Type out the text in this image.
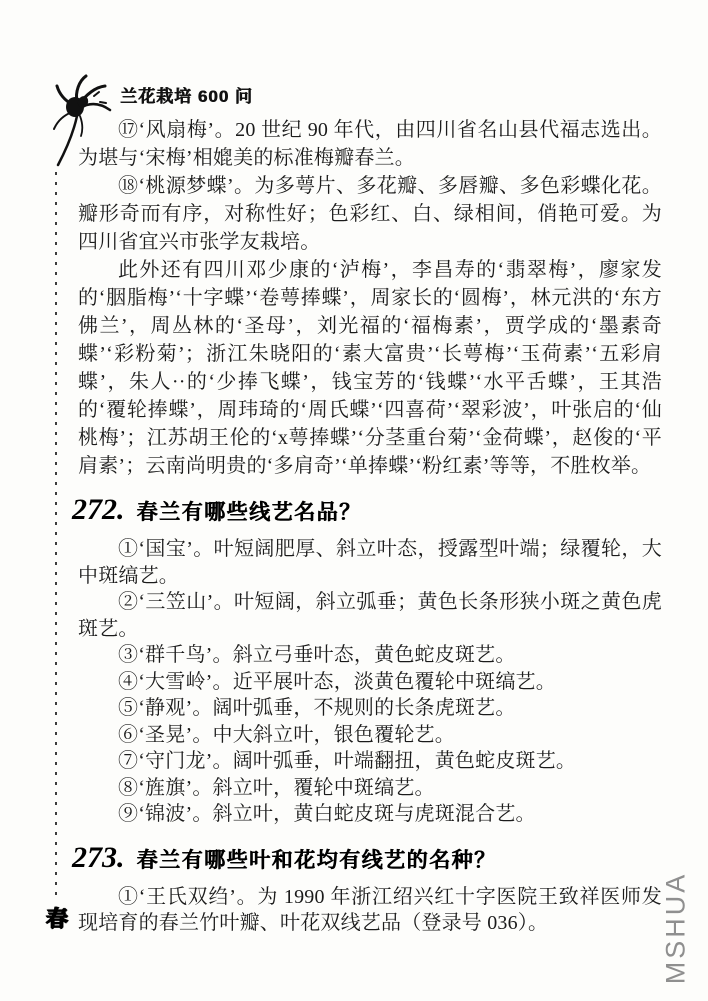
兰花栽培 600 问
春	MSHUA

⑰‘风扇梅’。20 世纪 90 年代，由四川省名山县代福志选出。为堪与‘宋梅’相媲美的标准梅瓣春兰。

⑱‘桃源梦蝶’。为多萼片、多花瓣、多唇瓣、多色彩蝶化花。瓣形奇而有序，对称性好；色彩红、白、绿相间，俏艳可爱。为四川省宜兴市张学友栽培。

此外还有四川邓少康的‘泸梅’，李昌寿的‘翡翠梅’，廖家发的‘胭脂梅’‘十字蝶’‘卷萼捧蝶’，周家长的‘圆梅’，林元洪的‘东方佛兰’，周丛林的‘圣母’，刘光福的‘福梅素’，贾学成的‘墨素奇蝶’‘彩粉菊’；浙江朱晓阳的‘素大富贵’‘长萼梅’‘玉荷素’‘五彩肩蝶’，朱人··的‘少捧飞蝶’，钱宝芳的‘钱蝶’‘水平舌蝶’，王其浩的‘覆轮捧蝶’，周玮琦的‘周氏蝶’‘四喜荷’‘翠彩波’，叶张启的‘仙桃梅’；江苏胡王伦的‘x萼捧蝶’‘分茎重台菊’‘金荷蝶’，赵俊的‘平肩素’；云南尚明贵的‘多肩奇’‘单捧蝶’‘粉红素’等等，不胜枚举。

272. 春兰有哪些线艺名品？

①‘国宝’。叶短阔肥厚、斜立叶态，授露型叶端；绿覆轮，大中斑缟艺。

②‘三笠山’。叶短阔，斜立弧垂；黄色长条形狭小斑之黄色虎斑艺。

③‘群千鸟’。斜立弓垂叶态，黄色蛇皮斑艺。

④‘大雪岭’。近平展叶态，淡黄色覆轮中斑缟艺。

⑤‘静观’。阔叶弧垂，不规则的长条虎斑艺。

⑥‘圣晃’。中大斜立叶，银色覆轮艺。

⑦‘守门龙’。阔叶弧垂，叶端翻扭，黄色蛇皮斑艺。

⑧‘旌旗’。斜立叶，覆轮中斑缟艺。

⑨‘锦波’。斜立叶，黄白蛇皮斑与虎斑混合艺。

273. 春兰有哪些叶和花均有线艺的名种？

①‘王氏双绉’。为 1990 年浙江绍兴红十字医院王致祥医师发现培育的春兰竹叶瓣、叶花双线艺品（登录号 036）。
